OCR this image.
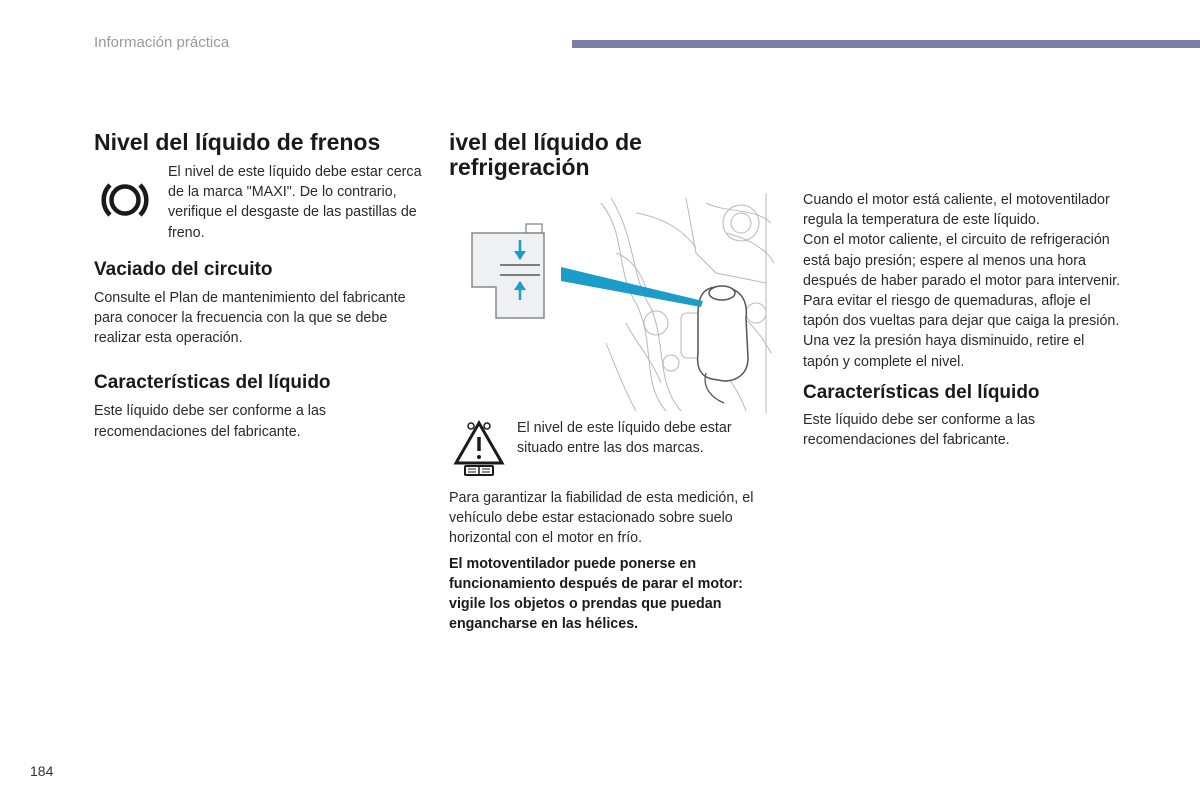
Información práctica
Nivel del líquido de frenos

El nivel de este líquido debe estar cerca de la marca "MAXI". De lo contrario, verifique el desgaste de las pastillas de freno.

Vaciado del circuito

Consulte el Plan de mantenimiento del fabricante para conocer la frecuencia con la que se debe realizar esta operación.

Características del líquido

Este líquido debe ser conforme a las recomendaciones del fabricante.

ivel del líquido de
refrigeración

El nivel de este líquido debe estar situado entre las dos marcas.

Para garantizar la fiabilidad de esta medición, el vehículo debe estar estacionado sobre suelo horizontal con el motor en frío.

El motoventilador puede ponerse en funcionamiento después de parar el motor: vigile los objetos o prendas que puedan engancharse en las hélices.

Cuando el motor está caliente, el motoventilador regula la temperatura de este líquido.

Con el motor caliente, el circuito de refrigeración está bajo presión; espere al menos una hora después de haber parado el motor para intervenir.

Para evitar el riesgo de quemaduras, afloje el tapón dos vueltas para dejar que caiga la presión. Una vez la presión haya disminuido, retire el tapón y complete el nivel.

Características del líquido

Este líquido debe ser conforme a las recomendaciones del fabricante.

184
